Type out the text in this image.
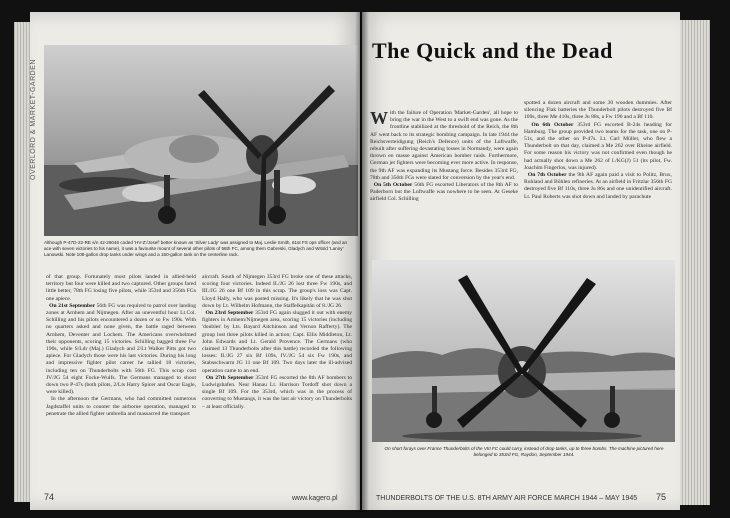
OVERLORD & MARKET-GARDEN
Although P-47D-22-RE s/n 42-26046 coded 'HV-Z'/Josef' better known as 'Silver Lady' was assigned to Maj. Leslie Smith, 61st FS ops officer (and an ace with seven victories to his name), it was a favourite mount of several other pilots of 56th FC, among them Gabreski, Gladych and Witold 'Lanny' Lanowski. Note 108-gallon drop tanks under wings and a 150-gallon tank on the centerline rack.

of that group. Fortunately most pilots landed in allied-held territory but four were killed and two captured. Other groups fared little better, 78th FG losing five pilots, while 353rd and 356th FGs one apiece.

On 21st September 56th FG was required to patrol over landing zones at Arnhem and Nijmegen. After an uneventful hour Lt.Col. Schilling and his pilots encountered a dozen or so Fw 190s. With no quarters asked and none given, the battle raged between Arnhem, Deventer and Lochem. The Americans overwhelmed their opponents, scoring 15 victories. Schilling bagged three Fw 190s, while S/Ldr (Maj.) Gladych and 2/Lt Walker Pitts got two apiece. For Gladych those were his last victories. During his long and impressive fighter pilot career he tallied 18 victories, including ten on Thunderbolts with 56th FG. This scrap cost JV/JG 54 eight Focke-Wulfs. The Germans managed to shoot down two P-47s (both pilots, 2/Lts Harry Spicer and Oscar Eagle, were killed).

In the afternoon the Germans, who had committed numerous Jagdstaffel units to counter the airborne operation, managed to penetrate the allied fighter umbrella and massacred the transport

aircraft. South of Nijmegen 353rd FG broke one of these attacks, scoring four victories. Indeed II./JG 26 lost three Fw 190s, and III./JG 26 one Bf 109 in this scrap. The group's loss was Capt. Lloyd Hally, who was posted missing. It's likely that he was shot down by Lt. Wilhelm Hofmann, the Staffelkapitän of 8./JG 26.

On 23rd September 353rd FG again slugged it out with enemy fighters in Arnhem/Nijmegen area, scoring 15 victories (including 'doubles' by Lts. Bayard Aitchinson and Vernon Rafferty). The group lost three pilots killed in action; Capt. Ellis Middleton, Lt. John Edwards and Lt. Gerald Provence. The Germans (who claimed 13 Thunderbolts after this battle) recorded the following losses: II./JG 27 six Bf 109s, IV./JG 54 six Fw 190s, and Stabsschwarm JG 11 one Bf 109. Two days later the ill-advised operation came to an end.

On 27th September 353rd FG escorted the 8th AF bombers to Ludwigshafen. Near Hanau Lt. Harrison Tordoff shot down a single Bf 109. For the 353rd, which was in the process of converting to Mustangs, it was the last air victory on Thunderbolts – at least officially.

74	www.kagero.pl
The Quick and the Dead

With the failure of Operation 'Market-Garden', all hope to bring the war in the West to a swift end was gone. As the frontline stabilized at the threshold of the Reich, the 8th AF went back to its strategic bombing campaign. In late 1944 the Reichsverteidigung (Reich's Defence) units of the Luftwaffe, rebuilt after suffering devastating losses in Normandy, were again thrown en masse against American bomber raids. Furthermore, German jet fighters were becoming ever more active. In response, the 9th AF was expanding its Mustang force. Besides 353rd FG, 78th and 356th FGs were slated for conversion by the year's end.

On 5th October 56th FG escorted Liberators of the 8th AF to Paderborn but the Luftwaffe was nowhere to be seen. At Geseke airfield Col. Schilling

spotted a dozen aircraft and some 30 wooden dummies. After silencing Flak batteries the Thunderbolt pilots destroyed five Bf 109s, three Me 410s, three Ju 88s, a Fw 190 and a Bf 110.

On 6th October 353rd FG escorted B-24s heading for Hamburg. The group provided two teams for the task, one on P-51s, and the other on P-47s. Lt. Carl Müller, who flew a Thunderbolt on that day, claimed a Me 262 over Rheine airfield. For some reason his victory was not confirmed even though he had actually shot down a Me 262 of I./KG(J) 51 (its pilot, Fw. Joachim Fingerlos, was injured).

On 7th October the 9th AF again paid a visit to Politz, Brux, Ruhland and Böhlen refineries. At an airfield in Fritzlar 356th FG destroyed five Bf 110s, three Ju 86s and one unidentified aircraft. Lt. Paul Roberts was shot down and landed by parachute

On short forays over France Thunderbolts of the VIII FC could carry, instead of drop tanks, up to three bombs. The machine pictured here belonged to 353rd FG, Raydon, September 1944.
THUNDERBOLTS OF THE U.S. 8TH ARMY AIR FORCE MARCH 1944 – MAY 1945 75
